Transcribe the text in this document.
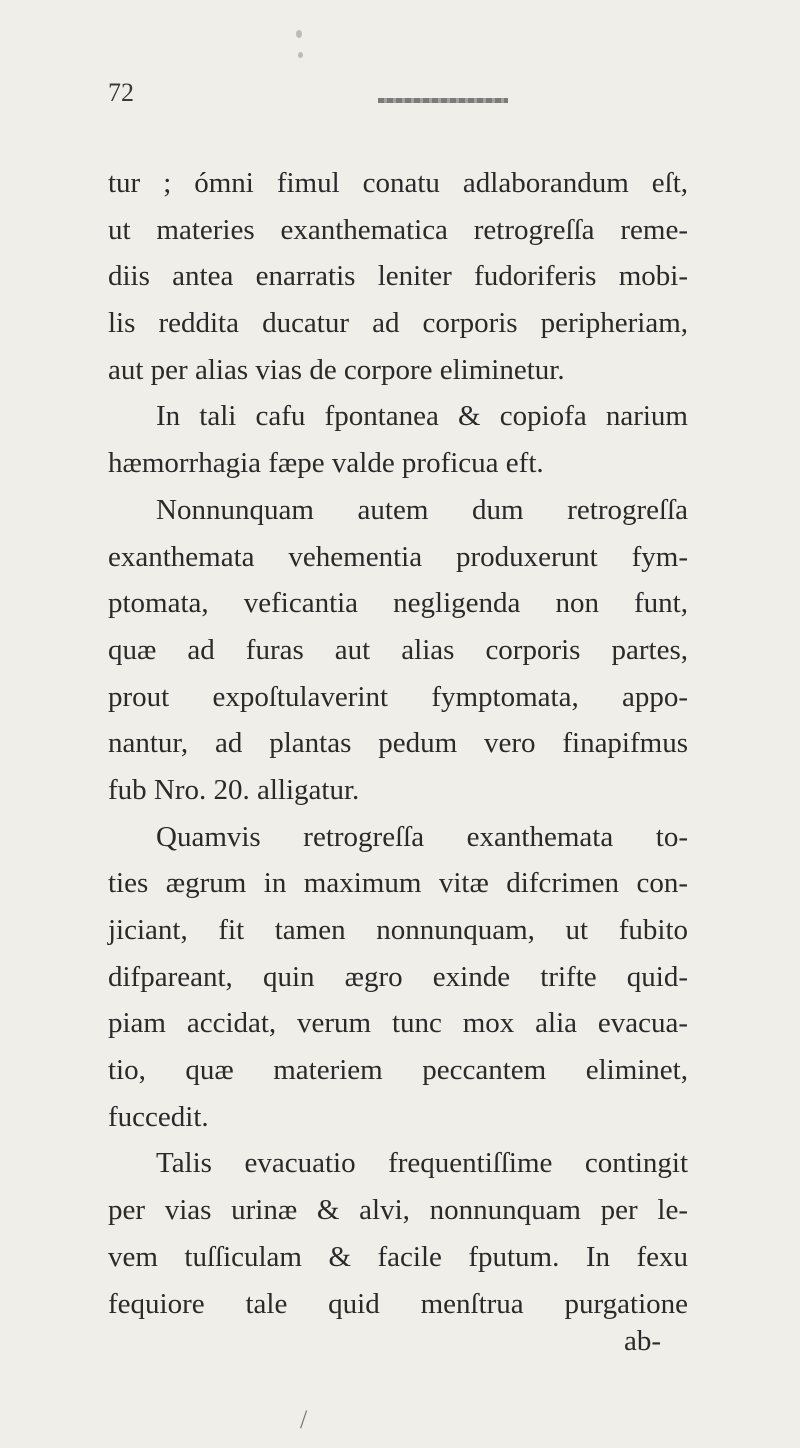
72
tur ; ómni fimul conatu adlaborandum eſt,
ut materies exanthematica retrogreſſa reme-
diis antea enarratis leniter fudoriferis mobi-
lis reddita ducatur ad corporis peripheriam,
aut per alias vias de corpore eliminetur.
In tali cafu fpontanea & copiofa narium
hæmorrhagia fæpe valde proficua eft.
Nonnunquam autem dum retrogreſſa
exanthemata vehementia produxerunt fym-
ptomata, veficantia negligenda non funt,
quæ ad furas aut alias corporis partes,
prout expoſtulaverint fymptomata, appo-
nantur, ad plantas pedum vero finapifmus
fub Nro. 20. alligatur.
Quamvis retrogreſſa exanthemata to-
ties ægrum in maximum vitæ difcrimen con-
jiciant, fit tamen nonnunquam, ut fubito
difpareant, quin ægro exinde trifte quid-
piam accidat, verum tunc mox alia evacua-
tio, quæ materiem peccantem eliminet,
fuccedit.
Talis evacuatio frequentiſſime contingit
per vias urinæ & alvi, nonnunquam per le-
vem tuſſiculam & facile fputum. In fexu
fequiore tale quid menſtrua purgatione
ab-
/
